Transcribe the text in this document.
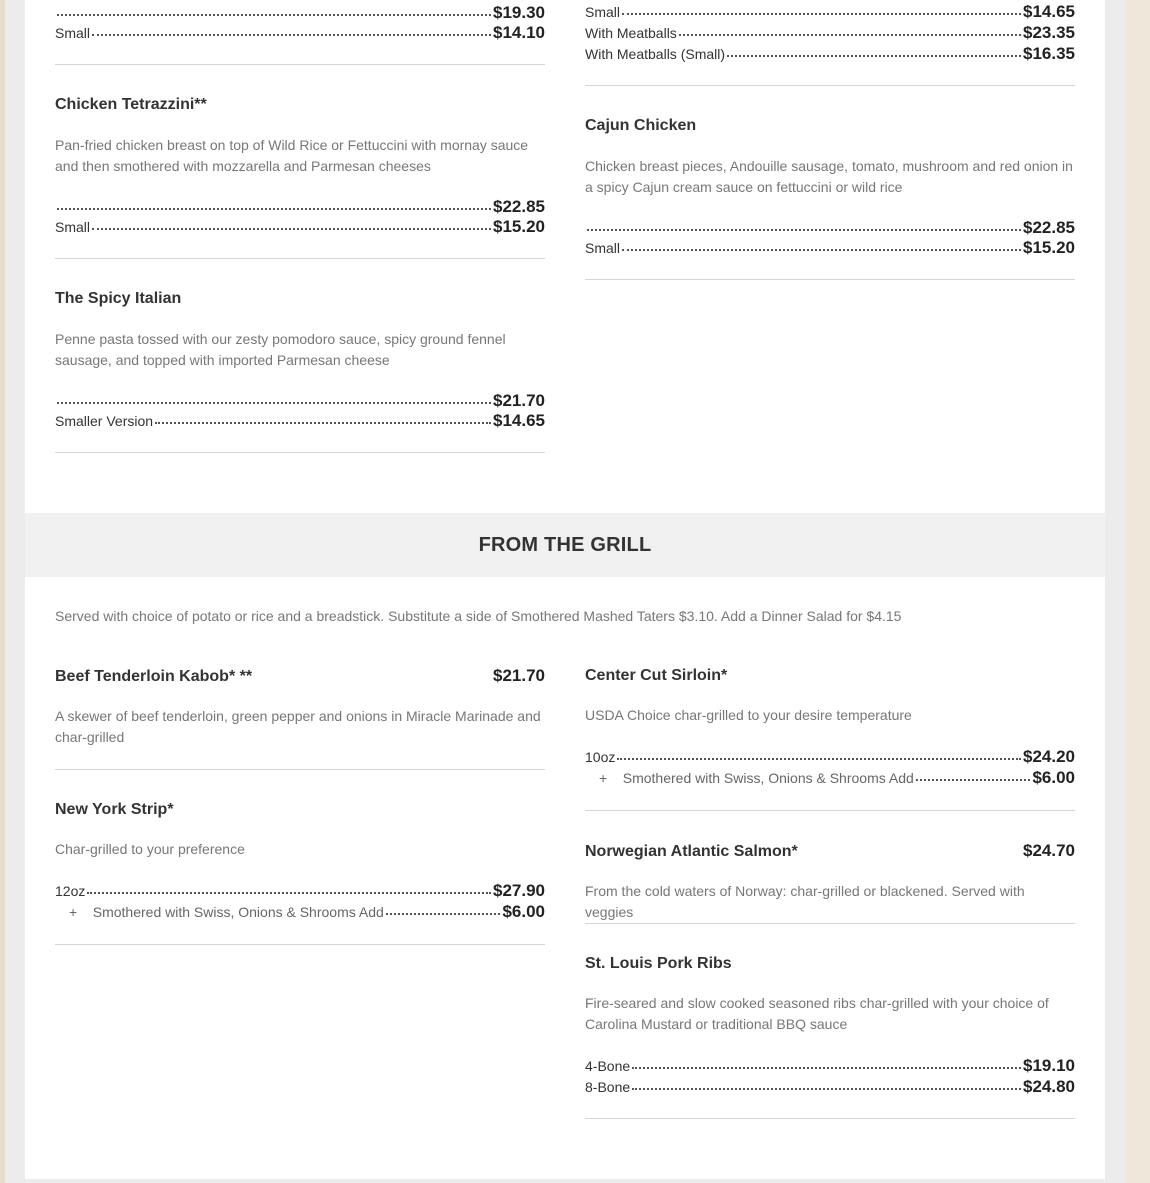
$19.30
Small	$14.10
Chicken Tetrazzini**
Pan-fried chicken breast on top of Wild Rice or Fettuccini with mornay sauce and then smothered with mozzarella and Parmesan cheeses
$22.85
Small	$15.20
The Spicy Italian
Penne pasta tossed with our zesty pomodoro sauce, spicy ground fennel sausage, and topped with imported Parmesan cheese
$21.70
Smaller Version	$14.65
Small	$14.65
With Meatballs	$23.35
With Meatballs (Small)	$16.35
Cajun Chicken
Chicken breast pieces, Andouille sausage, tomato, mushroom and red onion in a spicy Cajun cream sauce on fettuccini or wild rice
$22.85
Small	$15.20
FROM THE GRILL
Served with choice of potato or rice and a breadstick. Substitute a side of Smothered Mashed Taters $3.10. Add a Dinner Salad for $4.15
Beef Tenderloin Kabob* **	$21.70
A skewer of beef tenderloin, green pepper and onions in Miracle Marinade and char-grilled
New York Strip*
Char-grilled to your preference
12oz	$27.90
+ Smothered with Swiss, Onions & Shrooms Add	$6.00
Center Cut Sirloin*
USDA Choice char-grilled to your desire temperature
10oz	$24.20
+ Smothered with Swiss, Onions & Shrooms Add	$6.00
Norwegian Atlantic Salmon*	$24.70
From the cold waters of Norway: char-grilled or blackened. Served with veggies
St. Louis Pork Ribs
Fire-seared and slow cooked seasoned ribs char-grilled with your choice of Carolina Mustard or traditional BBQ sauce
4-Bone	$19.10
8-Bone	$24.80
